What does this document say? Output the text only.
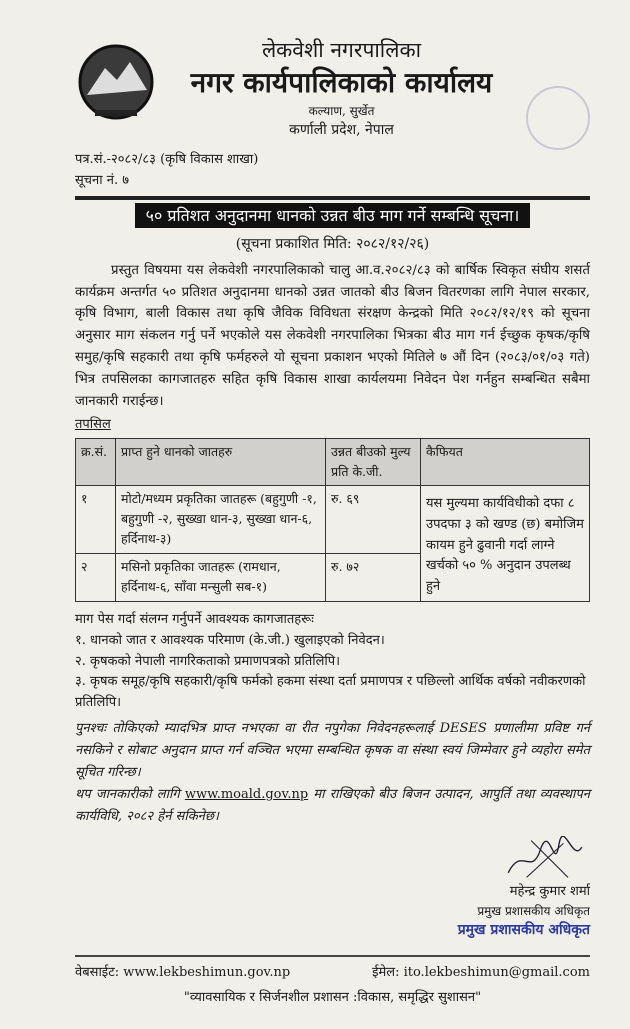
लेकवेशी नगरपालिका
नगर कार्यपालिकाको कार्यालय
कल्याण, सुर्खेत
कर्णाली प्रदेश, नेपाल
पत्र.सं.-२०८२/८३ (कृषि विकास शाखा)
सूचना नं. ७
५० प्रतिशत अनुदानमा धानको उन्नत बीउ माग गर्ने सम्बन्धि सूचना।
(सूचना प्रकाशित मिति: २०८२/१२/२६)
प्रस्तुत विषयमा यस लेकवेशी नगरपालिकाको चालु आ.व.२०८२/८३ को बार्षिक स्विकृत संघीय शसर्त कार्यक्रम अन्तर्गत ५० प्रतिशत अनुदानमा धानको उन्नत जातको बीउ बिजन वितरणका लागि नेपाल सरकार, कृषि विभाग, बाली विकास तथा कृषि जैविक विविधता संरक्षण केन्द्रको मिति २०८२/१२/१९ को सूचना अनुसार माग संकलन गर्नु पर्ने भएकोले यस लेकवेशी नगरपालिका भित्रका बीउ माग गर्न ईच्छुक कृषक/कृषि समुह/कृषि सहकारी तथा कृषि फर्महरुले यो सूचना प्रकाशन भएको मितिले ७ औं दिन (२०८३/०१/०३ गते) भित्र तपसिलका कागजातहरु सहित कृषि विकास शाखा कार्यलयमा निवेदन पेश गर्नहुन सम्बन्धित सबैमा जानकारी गराईन्छ।
तपसिल
क्र.सं.	प्राप्त हुने धानको जातहरु	उन्नत बीउको मुल्य प्रति के.जी.	कैफियत
१	मोटो/मध्यम प्रकृतिका जातहरू (बहुगुणी -१, बहुगुणी -२, सुख्खा धान-३, सुख्खा धान-६, हर्दिनाथ-३)	रु. ६९	यस मुल्यमा कार्यविधीको दफा ८ उपदफा ३ को खण्ड (छ) बमोजिम कायम हुने ढुवानी गर्दा लाग्ने खर्चको ५० % अनुदान उपलब्ध हुने
२	मसिनो प्रकृतिका जातहरू (रामधान, हर्दिनाथ-६, साँवा मन्सुली सब-१)	रु. ७२	
माग पेस गर्दा संलग्न गर्नुपर्ने आवश्यक कागजातहरूः
१. धानको जात र आवश्यक परिमाण (के.जी.) खुलाइएको निवेदन।
२. कृषकको नेपाली नागरिकताको प्रमाणपत्रको प्रतिलिपि।
३. कृषक समूह/कृषि सहकारी/कृषि फर्मको हकमा संस्था दर्ता प्रमाणपत्र र पछिल्लो आर्थिक वर्षको नवीकरणको प्रतिलिपि।
पुनश्चः तोकिएको म्यादभित्र प्राप्त नभएका वा रीत नपुगेका निवेदनहरूलाई DESES प्रणालीमा प्रविष्ट गर्न नसकिने र सोबाट अनुदान प्राप्त गर्न वञ्चित भएमा सम्बन्धित कृषक वा संस्था स्वयं जिम्मेवार हुने व्यहोरा समेत सूचित गरिन्छ।
थप जानकारीको लागि www.moald.gov.np मा राखिएको बीउ बिजन उत्पादन, आपुर्ति तथा व्यवस्थापन कार्यविधि, २०८२ हेर्न सकिनेछ।
महेन्द्र कुमार शर्मा
प्रमुख प्रशासकीय अधिकृत
प्रमुख प्रशासकीय अधिकृत
वेबसाईट: www.lekbeshimun.gov.np	ईमेल: ito.lekbeshimun@gmail.com
"व्यावसायिक र सिर्जनशील प्रशासन :विकास, समृद्धिर सुशासन"
